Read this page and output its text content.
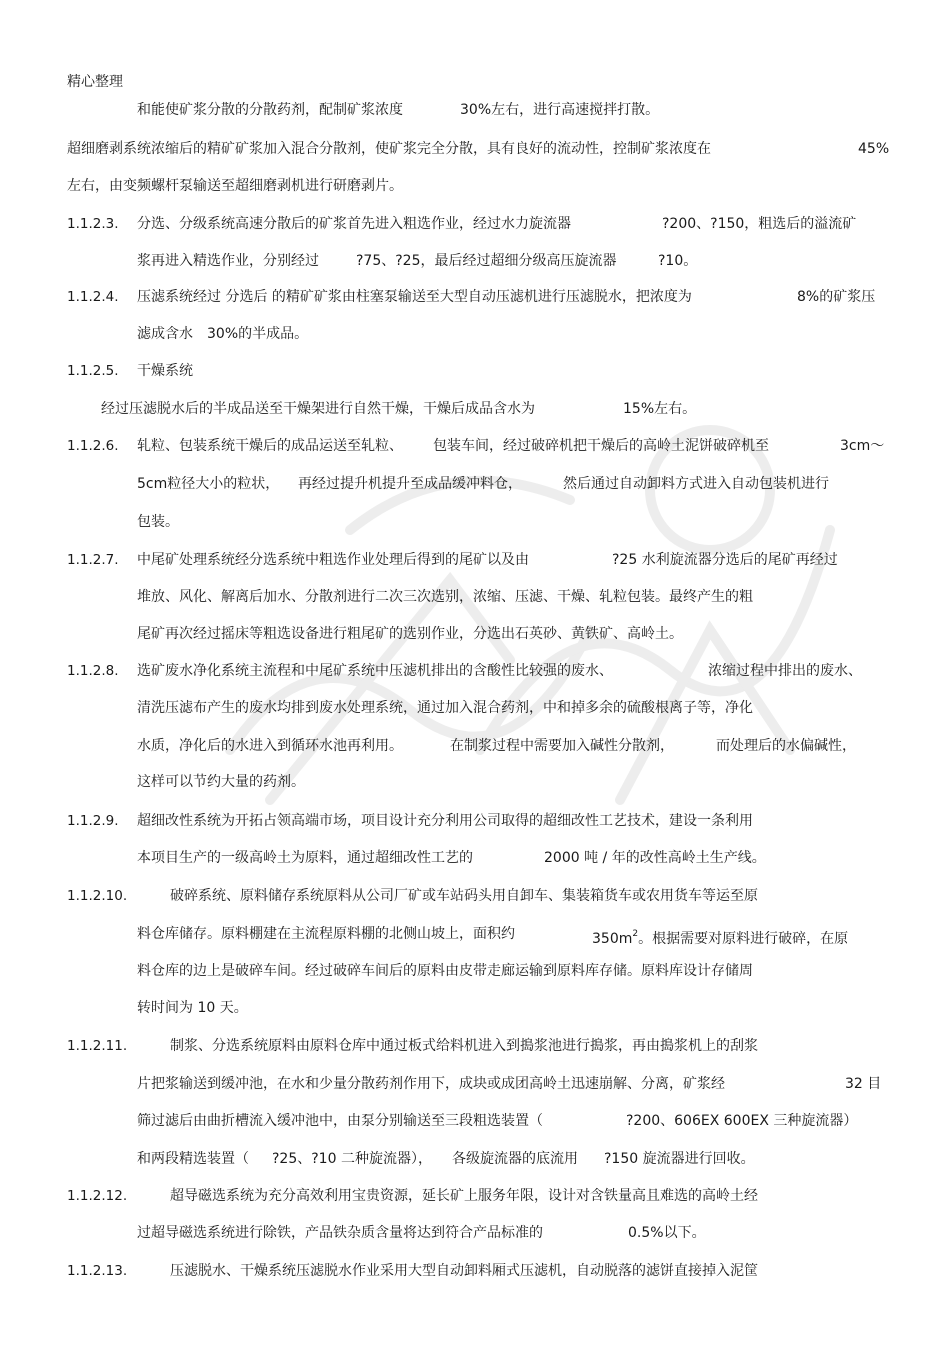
精心整理
和能使矿浆分散的分散药剂，配制矿浆浓度	30%左右，进行高速搅拌打散。
超细磨剥系统浓缩后的精矿矿浆加入混合分散剂，使矿浆完全分散，具有良好的流动性，控制矿浆浓度在	45%
左右，由变频螺杆泵输送至超细磨剥机进行研磨剥片。
1.1.2.3. 分选、分级系统高速分散后的矿浆首先进入粗选作业，经过水力旋流器	?200、?150，粗选后的溢流矿
浆再进入精选作业，分别经过	?75、?25，最后经过超细分级高压旋流器	?10。
1.1.2.4. 压滤系统经过 分选后 的精矿矿浆由柱塞泵输送至大型自动压滤机进行压滤脱水，把浓度为	8%的矿浆压
滤成含水 30%的半成品。
1.1.2.5. 干燥系统
经过压滤脱水后的半成品送至干燥架进行自然干燥，干燥后成品含水为	15%左右。
1.1.2.6. 轧粒、包装系统干燥后的成品运送至轧粒、 包装车间，经过破碎机把干燥后的高岭土泥饼破碎机至	3cm～
5cm粒径大小的粒状， 再经过提升机提升至成品缓冲料仓，	然后通过自动卸料方式进入自动包装机进行
包装。
1.1.2.7. 中尾矿处理系统经分选系统中粗选作业处理后得到的尾矿以及由	?25 水利旋流器分选后的尾矿再经过
堆放、风化、解离后加水、分散剂进行二次三次选别，浓缩、压滤、干燥、轧粒包装。最终产生的粗
尾矿再次经过摇床等粗选设备进行粗尾矿的选别作业，分选出石英砂、黄铁矿、高岭土。
1.1.2.8. 选矿废水净化系统主流程和中尾矿系统中压滤机排出的含酸性比较强的废水、	浓缩过程中排出的废水、
清洗压滤布产生的废水均排到废水处理系统，通过加入混合药剂，中和掉多余的硫酸根离子等，净化
水质，净化后的水进入到循环水池再利用。	在制浆过程中需要加入碱性分散剂，	而处理后的水偏碱性，
这样可以节约大量的药剂。
1.1.2.9. 超细改性系统为开拓占领高端市场，项目设计充分利用公司取得的超细改性工艺技术，建设一条利用
本项目生产的一级高岭土为原料，通过超细改性工艺的	2000 吨 / 年的改性高岭土生产线。
1.1.2.10.	破碎系统、原料储存系统原料从公司厂矿或车站码头用自卸车、集装箱货车或农用货车等运至原
料仓库储存。原料棚建在主流程原料棚的北侧山坡上，面积约	$350m^2$。根据需要对原料进行破碎，在原
料仓库的边上是破碎车间。经过破碎车间后的原料由皮带走廊运输到原料库存储。原料库设计存储周
转时间为 10 天。
1.1.2.11.	制浆、分选系统原料由原料仓库中通过板式给料机进入到搗浆池进行搗浆，再由搗浆机上的刮浆
片把浆输送到缓冲池，在水和少量分散药剂作用下，成块或成团高岭土迅速崩解、分离，矿浆经	32 目
筛过滤后由曲折槽流入缓冲池中，由泵分别输送至三段粗选装置（	?200、606EX 600EX 三种旋流器）
和两段精选装置（ ?25、?10 二种旋流器）， 各级旋流器的底流用 ?150 旋流器进行回收。
1.1.2.12.	超导磁选系统为充分高效利用宝贵资源，延长矿上服务年限，设计对含铁量高且难选的高岭土经
过超导磁选系统进行除铁，产品铁杂质含量将达到符合产品标准的	0.5%以下。
1.1.2.13.	压滤脱水、干燥系统压滤脱水作业采用大型自动卸料厢式压滤机，自动脱落的滤饼直接掉入泥筐
